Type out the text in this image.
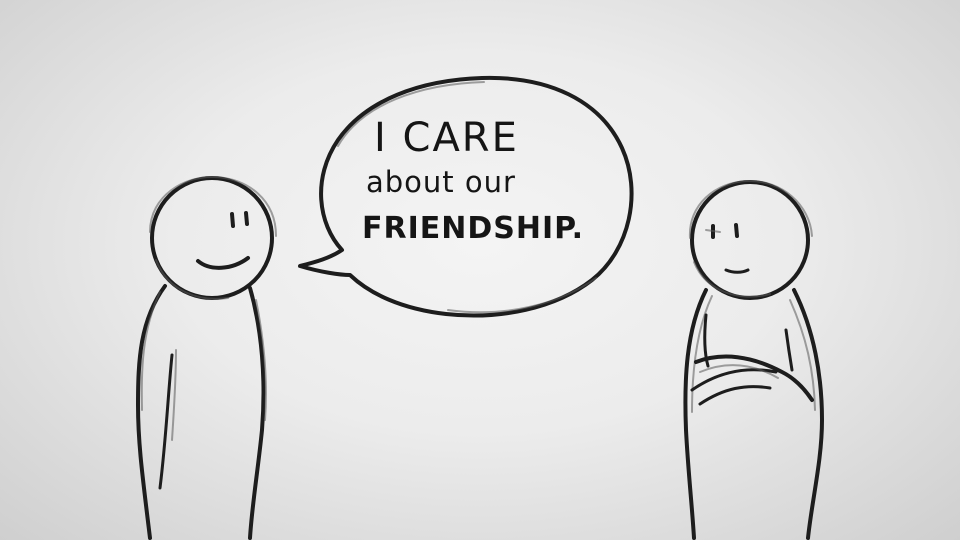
I CARE
about our
FRIENDSHIP.
